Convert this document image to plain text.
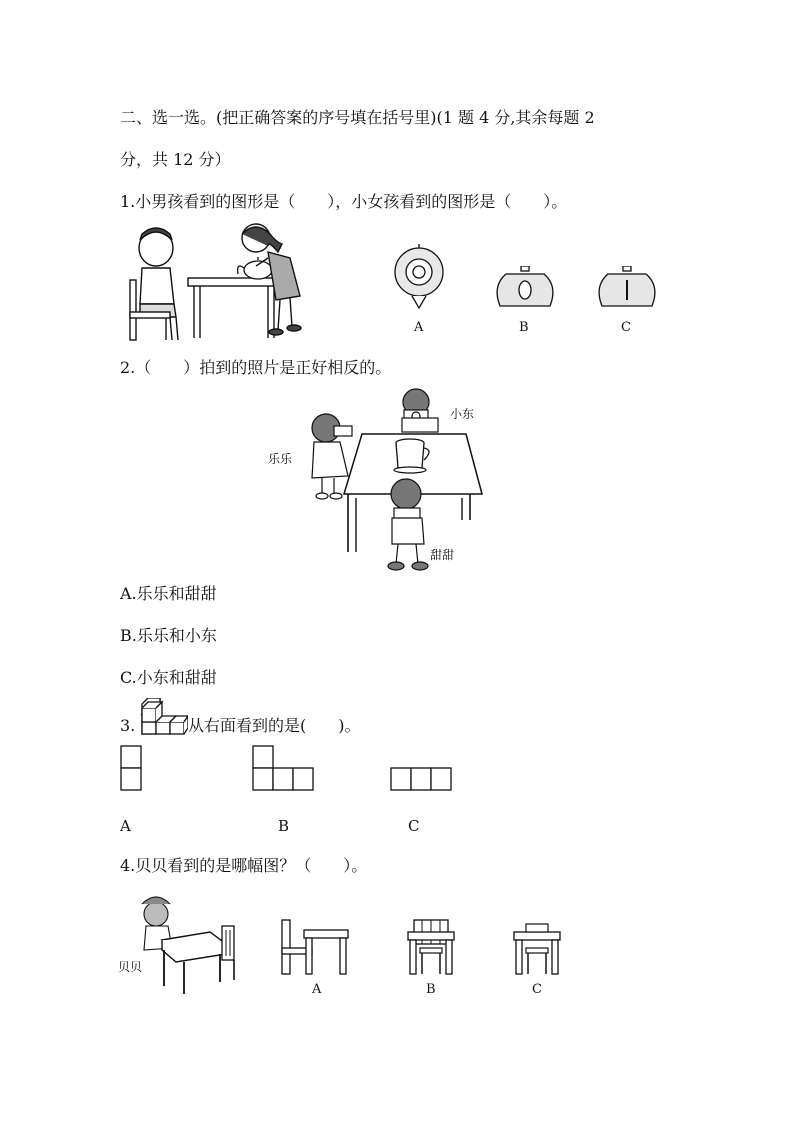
二、选一选。(把正确答案的序号填在括号里)(1 题 4 分,其余每题 2
分，共 12 分）
1.小男孩看到的图形是（　　），小女孩看到的图形是（　　）。
A	B	C
2.（　　）拍到的照片是正好相反的。
乐乐
小东
甜甜
A.乐乐和甜甜
B.乐乐和小东
C.小东和甜甜
3.	从右面看到的是(　　)。
A	B	C
4.贝贝看到的是哪幅图？（　　）。
贝贝
A	B	C
